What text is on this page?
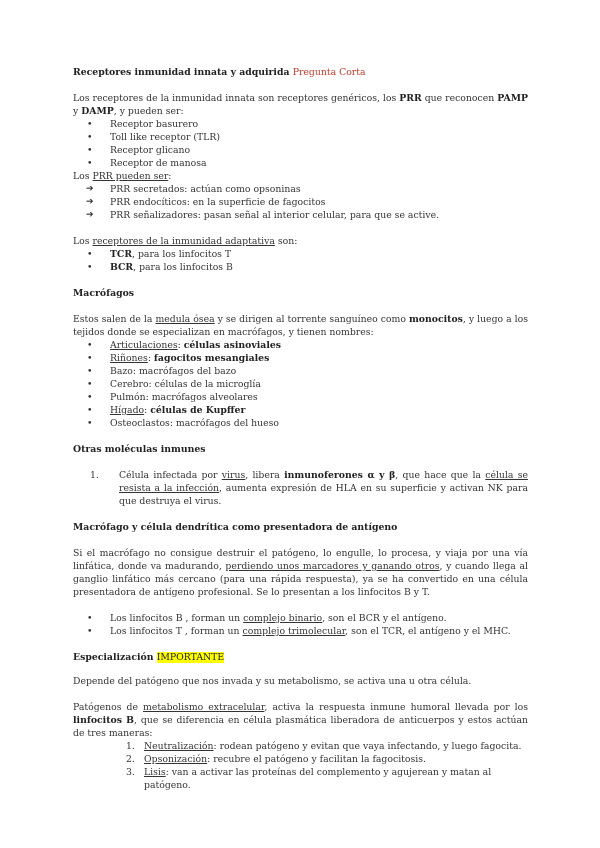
Receptores inmunidad innata y adquirida Pregunta Corta

Los receptores de la inmunidad innata son receptores genéricos, los PRR que reconocen PAMP y DAMP, y pueden ser:

• Receptor basurero
• Toll like receptor (TLR)
• Receptor glicano
• Receptor de manosa

Los PRR pueden ser:

➔ PRR secretados: actúan como opsoninas
➔ PRR endocíticos: en la superficie de fagocitos
➔ PRR señalizadores: pasan señal al interior celular, para que se active.

Los receptores de la inmunidad adaptativa son:

• TCR, para los linfocitos T
• BCR, para los linfocitos B

Macrófagos

Estos salen de la medula ósea y se dirigen al torrente sanguíneo como monocitos, y luego a los tejidos donde se especializan en macrófagos, y tienen nombres:

• Articulaciones: células asinoviales
• Riñones: fagocitos mesangiales
• Bazo: macrófagos del bazo
• Cerebro: células de la microglía
• Pulmón: macrófagos alveolares
• Hígado: células de Kupffer
• Osteoclastos: macrófagos del hueso

Otras moléculas inmunes

1. Célula infectada por virus, libera inmunoferones α y β, que hace que la célula se resista a la infección, aumenta expresión de HLA en su superficie y activan NK para que destruya el virus.

Macrófago y célula dendrítica como presentadora de antígeno

Si el macrófago no consigue destruir el patógeno, lo engulle, lo procesa, y viaja por una vía linfática, donde va madurando, perdiendo unos marcadores y ganando otros, y cuando llega al ganglio linfático más cercano (para una rápida respuesta), ya se ha convertido en una célula presentadora de antígeno profesional. Se lo presentan a los linfocitos B y T.

• Los linfocitos B , forman un complejo binario, son el BCR y el antígeno.
• Los linfocitos T , forman un complejo trimolecular, son el TCR, el antígeno y el MHC.

Especialización IMPORTANTE

Depende del patógeno que nos invada y su metabolismo, se activa una u otra célula.

Patógenos de metabolismo extracelular, activa la respuesta inmune humoral llevada por los linfocitos B, que se diferencia en célula plasmática liberadora de anticuerpos y estos actúan de tres maneras:

1. Neutralización: rodean patógeno y evitan que vaya infectando, y luego fagocita.
2. Opsonización: recubre el patógeno y facilitan la fagocitosis.
3. Lisis: van a activar las proteínas del complemento y agujerean y matan al patógeno.
